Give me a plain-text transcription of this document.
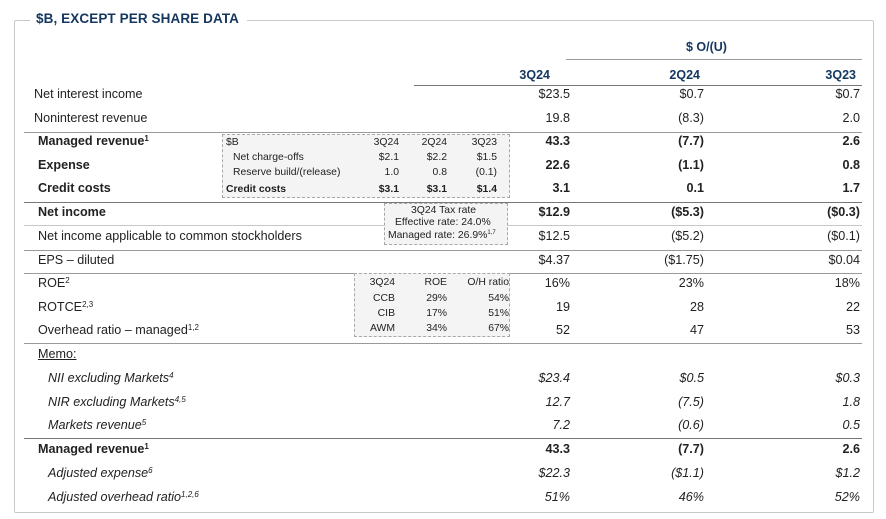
$B, EXCEPT PER SHARE DATA
$ O/(U)
3Q24	2Q24	3Q23
Net interest income	$23.5	$0.7	$0.7
Noninterest revenue	19.8	(8.3)	2.0
Managed revenue$^1$	43.3	(7.7)	2.6
Expense	22.6	(1.1)	0.8
Credit costs	3.1	0.1	1.7
Net income	$12.9	($5.3)	($0.3)
Net income applicable to common stockholders	$12.5	($5.2)	($0.1)
EPS – diluted	$4.37	($1.75)	$0.04
ROE$^2$	16%	23%	18%
ROTCE$^{2,3}$	19	28	22
Overhead ratio – managed$^{1,2}$	52	47	53
Memo:
NII excluding Markets$^4$	$23.4	$0.5	$0.3
NIR excluding Markets$^{4,5}$	12.7	(7.5)	1.8
Markets revenue$^5$	7.2	(0.6)	0.5
Managed revenue$^1$	43.3	(7.7)	2.6
Adjusted expense$^6$	$22.3	($1.1)	$1.2
Adjusted overhead ratio$^{1,2,6}$	51%	46%	52%
$B	3Q24	2Q24	3Q23
Net charge-offs	$2.1	$2.2	$1.5
Reserve build/(release)	1.0	0.8	(0.1)
Credit costs	$3.1	$3.1	$1.4
3Q24 Tax rate
Effective rate: 24.0%
Managed rate: 26.9%$^{1,7}$
3Q24	ROE	O/H ratio
CCB	29%	54%
CIB	17%	51%
AWM	34%	67%
